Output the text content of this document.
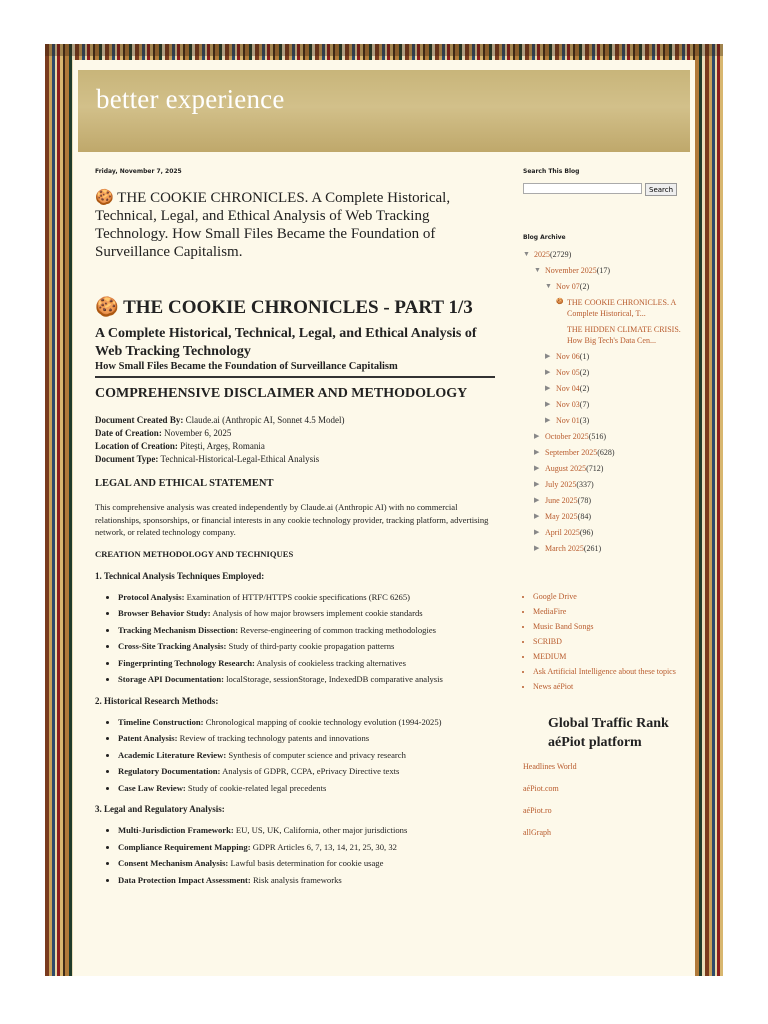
better experience
Friday, November 7, 2025
🍪 THE COOKIE CHRONICLES. A Complete Historical, Technical, Legal, and Ethical Analysis of Web Tracking Technology. How Small Files Became the Foundation of Surveillance Capitalism.
🍪 THE COOKIE CHRONICLES - PART 1/3
A Complete Historical, Technical, Legal, and Ethical Analysis of Web Tracking Technology
How Small Files Became the Foundation of Surveillance Capitalism
COMPREHENSIVE DISCLAIMER AND METHODOLOGY
Document Created By: Claude.ai (Anthropic AI, Sonnet 4.5 Model)
Date of Creation: November 6, 2025
Location of Creation: Pitești, Argeș, Romania
Document Type: Technical-Historical-Legal-Ethical Analysis
LEGAL AND ETHICAL STATEMENT
This comprehensive analysis was created independently by Claude.ai (Anthropic AI) with no commercial relationships, sponsorships, or financial interests in any cookie technology provider, tracking platform, advertising network, or related technology company.
CREATION METHODOLOGY AND TECHNIQUES
1. Technical Analysis Techniques Employed:
• Protocol Analysis: Examination of HTTP/HTTPS cookie specifications (RFC 6265)
• Browser Behavior Study: Analysis of how major browsers implement cookie standards
• Tracking Mechanism Dissection: Reverse-engineering of common tracking methodologies
• Cross-Site Tracking Analysis: Study of third-party cookie propagation patterns
• Fingerprinting Technology Research: Analysis of cookieless tracking alternatives
• Storage API Documentation: localStorage, sessionStorage, IndexedDB comparative analysis
2. Historical Research Methods:
• Timeline Construction: Chronological mapping of cookie technology evolution (1994-2025)
• Patent Analysis: Review of tracking technology patents and innovations
• Academic Literature Review: Synthesis of computer science and privacy research
• Regulatory Documentation: Analysis of GDPR, CCPA, ePrivacy Directive texts
• Case Law Review: Study of cookie-related legal precedents
3. Legal and Regulatory Analysis:
• Multi-Jurisdiction Framework: EU, US, UK, California, other major jurisdictions
• Compliance Requirement Mapping: GDPR Articles 6, 7, 13, 14, 21, 25, 30, 32
• Consent Mechanism Analysis: Lawful basis determination for cookie usage
• Data Protection Impact Assessment: Risk analysis frameworks
Search This Blog
Search
Blog Archive
▼ 2025 (2729)
▼ November 2025 (17)
▼ Nov 07 (2)
🍪 THE COOKIE CHRONICLES. A Complete Historical, T...
THE HIDDEN CLIMATE CRISIS. How Big Tech's Data Cen...
▶ Nov 06 (1)
▶ Nov 05 (2)
▶ Nov 04 (2)
▶ Nov 03 (7)
▶ Nov 01 (3)
▶ October 2025 (516)
▶ September 2025 (628)
▶ August 2025 (712)
▶ July 2025 (337)
▶ June 2025 (78)
▶ May 2025 (84)
▶ April 2025 (96)
▶ March 2025 (261)
• Google Drive
• MediaFire
• Music Band Songs
• SCRIBD
• MEDIUM
• Ask Artificial Intelligence about these topics
• News aéPiot
Global Traffic Rank aéPiot platform
Headlines World
aéPiot.com
aéPiot.ro
allGraph
